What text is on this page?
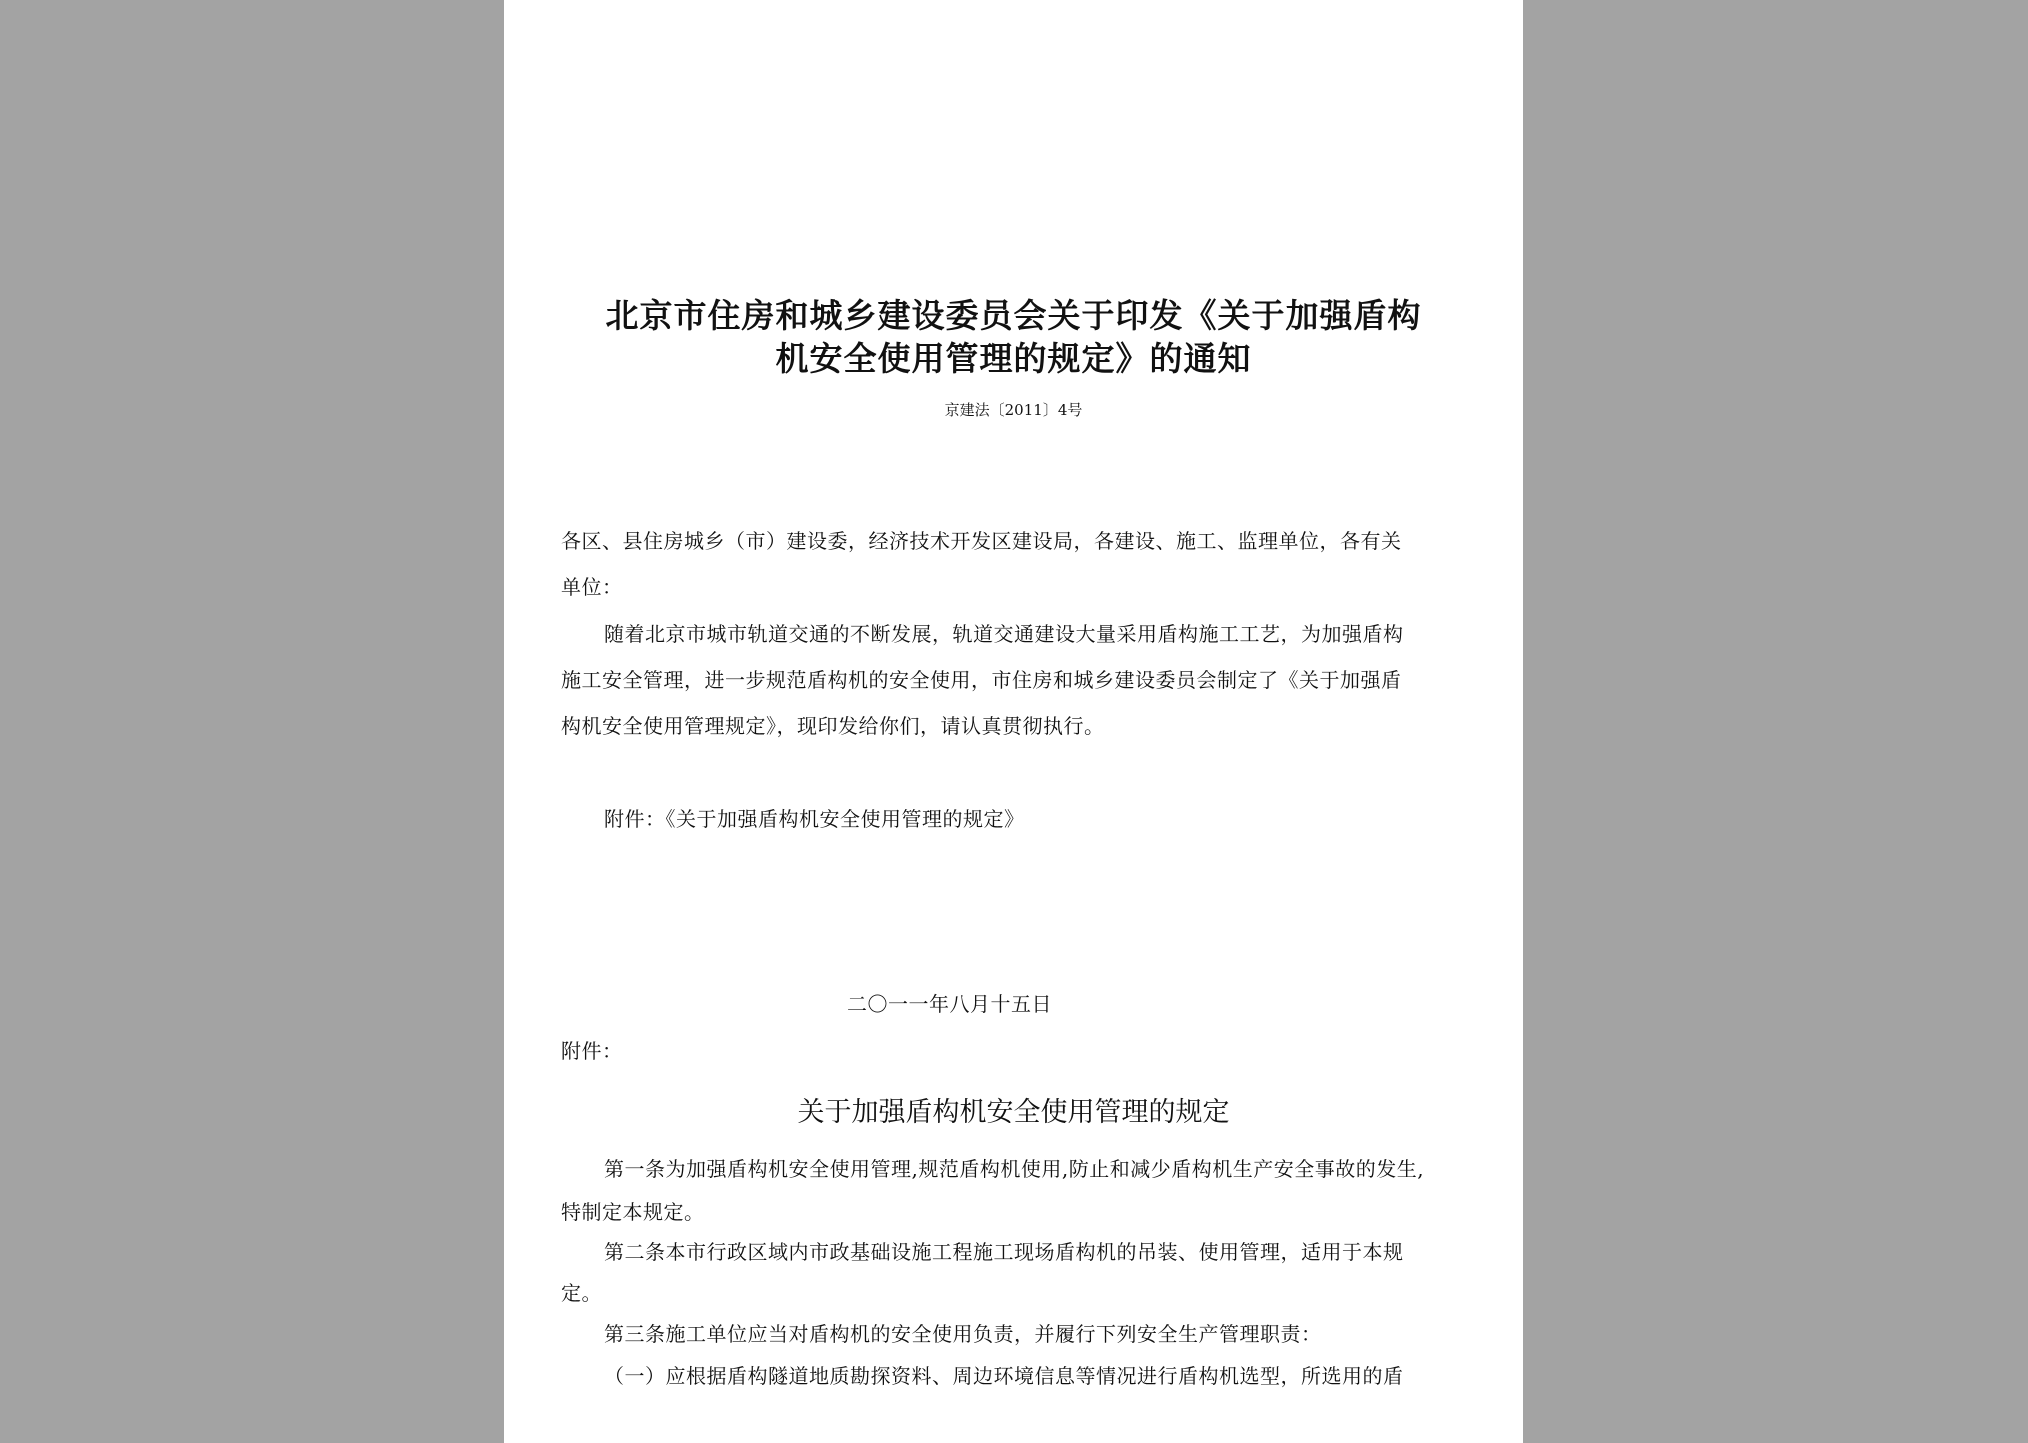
北京市住房和城乡建设委员会关于印发《关于加强盾构
机安全使用管理的规定》的通知
京建法〔2011〕4号
各区、县住房城乡（市）建设委，经济技术开发区建设局，各建设、施工、监理单位，各有关
单位：
随着北京市城市轨道交通的不断发展，轨道交通建设大量采用盾构施工工艺，为加强盾构
施工安全管理，进一步规范盾构机的安全使用，市住房和城乡建设委员会制定了《关于加强盾
构机安全使用管理规定》，现印发给你们，请认真贯彻执行。
附件：《关于加强盾构机安全使用管理的规定》
二〇一一年八月十五日
附件：
关于加强盾构机安全使用管理的规定
第一条为加强盾构机安全使用管理,规范盾构机使用,防止和减少盾构机生产安全事故的发生,
特制定本规定。
第二条本市行政区域内市政基础设施工程施工现场盾构机的吊装、使用管理，适用于本规
定。
第三条施工单位应当对盾构机的安全使用负责，并履行下列安全生产管理职责：
（一）应根据盾构隧道地质勘探资料、周边环境信息等情况进行盾构机选型，所选用的盾
